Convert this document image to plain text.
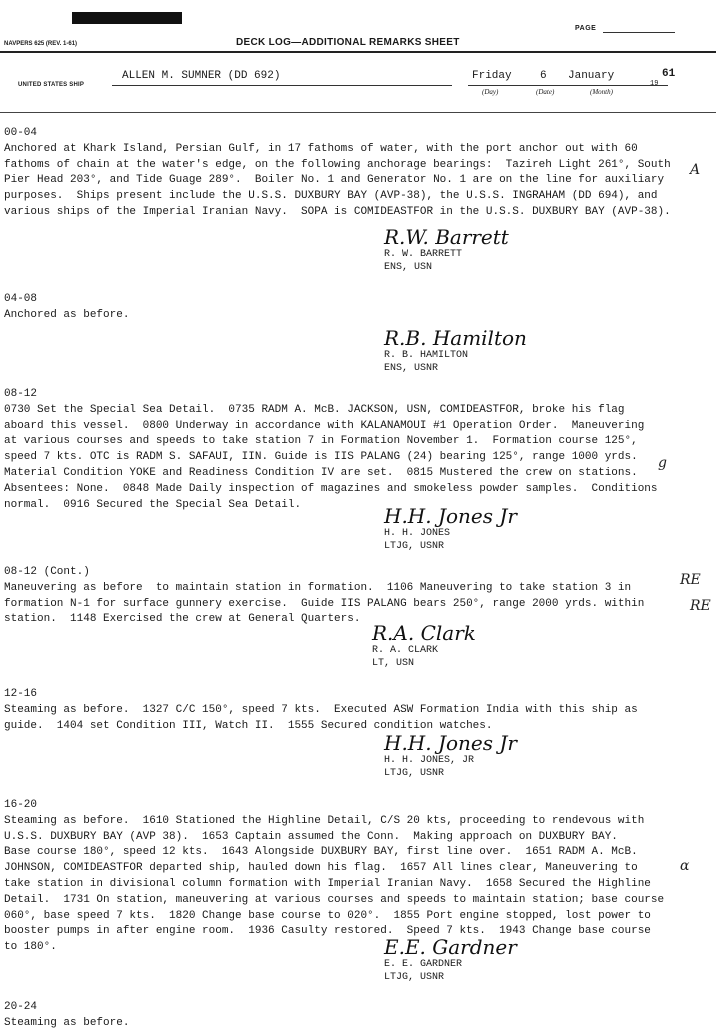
PAGE
NAVPERS 625 (REV. 1-61)	DECK LOG—ADDITIONAL REMARKS SHEET
UNITED STATES SHIP
ALLEN M. SUMNER (DD 692)	Friday	6 January
19
61
(Day)	(Date)	(Month)

00-04

Anchored at Khark Island, Persian Gulf, in 17 fathoms of water, with the port anchor out with 60

fathoms of chain at the water's edge, on the following anchorage bearings:  Tazireh Light 261°, South

Pier Head 203°, and Tide Guage 289°.  Boiler No. 1 and Generator No. 1 are on the line for auxiliary

purposes.  Ships present include the U.S.S. DUXBURY BAY (AVP-38), the U.S.S. INGRAHAM (DD 694), and

various ships of the Imperial Iranian Navy.  SOPA is COMIDEASTFOR in the U.S.S. DUXBURY BAY (AVP-38).

R.W. Barrett
R. W. BARRETT
ENS, USN

04-08

Anchored as before.

R.B. Hamilton
R. B. HAMILTON
ENS, USNR

08-12

0730 Set the Special Sea Detail.  0735 RADM A. McB. JACKSON, USN, COMIDEASTFOR, broke his flag

aboard this vessel.  0800 Underway in accordance with KALANAMOUI #1 Operation Order.  Maneuvering

at various courses and speeds to take station 7 in Formation November 1.  Formation course 125°,

speed 7 kts. OTC is RADM S. SAFAUI, IIN. Guide is IIS PALANG (24) bearing 125°, range 1000 yrds.

Material Condition YOKE and Readiness Condition IV are set.  0815 Mustered the crew on stations.

Absentees: None.  0848 Made Daily inspection of magazines and smokeless powder samples.  Conditions

normal.  0916 Secured the Special Sea Detail.	H.H. Jones Jr
H. H. JONES
LTJG, USNR

08-12 (Cont.)

Maneuvering as before  to maintain station in formation.  1106 Maneuvering to take station 3 in

formation N-1 for surface gunnery exercise.  Guide IIS PALANG bears 250°, range 2000 yrds. within

station.  1148 Exercised the crew at General Quarters.

R.A. Clark
R. A. CLARK
LT, USN

12-16

Steaming as before.  1327 C/C 150°, speed 7 kts.  Executed ASW Formation India with this ship as

guide.  1404 set Condition III, Watch II.  1555 Secured condition watches.

H.H. Jones Jr
H. H. JONES, JR
LTJG, USNR

16-20

Steaming as before.  1610 Stationed the Highline Detail, C/S 20 kts, proceeding to rendevous with

U.S.S. DUXBURY BAY (AVP 38).  1653 Captain assumed the Conn.  Making approach on DUXBURY BAY.

Base course 180°, speed 12 kts.  1643 Alongside DUXBURY BAY, first line over.  1651 RADM A. McB.

JOHNSON, COMIDEASTFOR departed ship, hauled down his flag.  1657 All lines clear, Maneuvering to

take station in divisional column formation with Imperial Iranian Navy.  1658 Secured the Highline

Detail.  1731 On station, maneuvering at various courses and speeds to maintain station; base course

060°, base speed 7 kts.  1820 Change base course to 020°.  1855 Port engine stopped, lost power to

booster pumps in after engine room.  1936 Casulty restored.  Speed 7 kts.  1943 Change base course

to 180°.	E.E. Gardner
E. E. GARDNER
LTJG, USNR

20-24

Steaming as before.

RE
RE
g
α
A
